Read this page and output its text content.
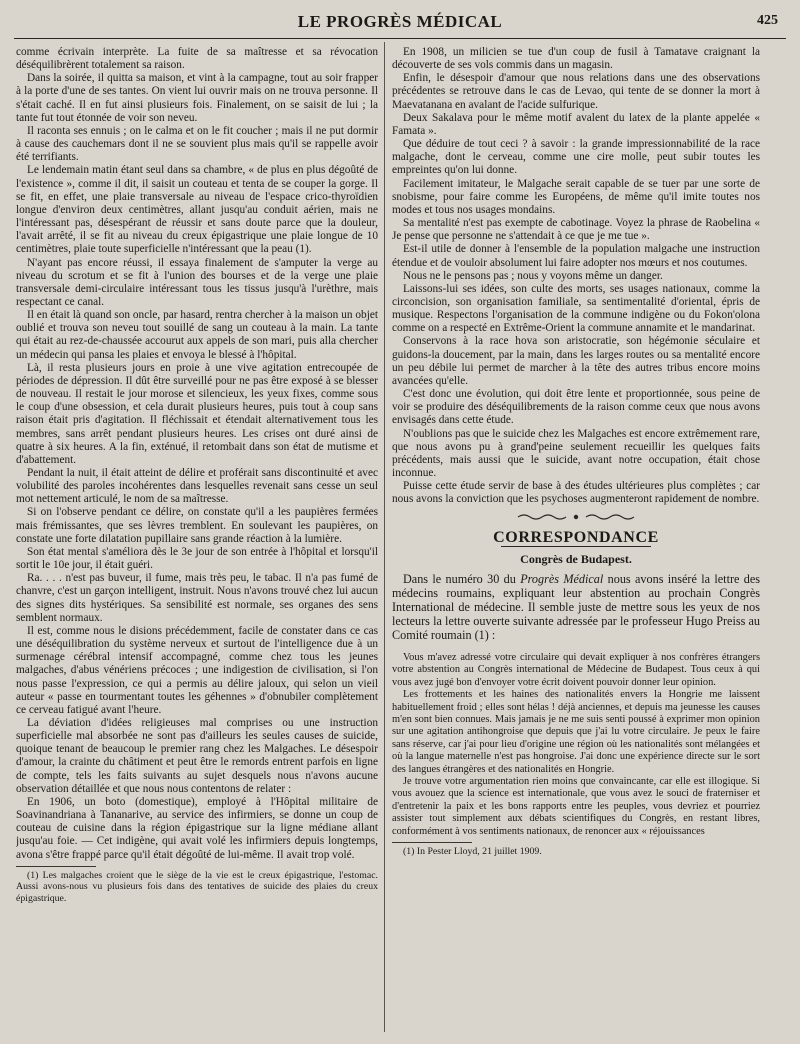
LE PROGRÈS MÉDICAL	425

comme écrivain interprète. La fuite de sa maîtresse et sa révocation déséquilibrèrent totalement sa raison.

Dans la soirée, il quitta sa maison, et vint à la campagne, tout au soir frapper à la porte d'une de ses tantes. On vient lui ouvrir mais on ne trouva personne. Il s'était caché. Il en fut ainsi plusieurs fois. Finalement, on se saisit de lui ; la tante fut tout étonnée de voir son neveu.

Il raconta ses ennuis ; on le calma et on le fit coucher ; mais il ne put dormir à cause des cauchemars dont il ne se souvient plus mais qu'il se rappelle avoir été terrifiants.

Le lendemain matin étant seul dans sa chambre, « de plus en plus dégoûté de l'existence », comme il dit, il saisit un couteau et tenta de se couper la gorge. Il se fit, en effet, une plaie transversale au niveau de l'espace crico-thyroïdien longue d'environ deux centimètres, allant jusqu'au conduit aérien, mais ne l'intéressant pas, désespérant de réussir et sans doute parce que la douleur, l'avait arrêté, il se fit au niveau du creux épigastrique une plaie longue de 10 centimètres, plaie toute superficielle n'intéressant que la peau (1).

N'ayant pas encore réussi, il essaya finalement de s'amputer la verge au niveau du scrotum et se fit à l'union des bourses et de la verge une plaie transversale demi-circulaire intéressant tous les tissus jusqu'à l'urèthre, mais respectant ce canal.

Il en était là quand son oncle, par hasard, rentra chercher à la maison un objet oublié et trouva son neveu tout souillé de sang un couteau à la main. La tante qui était au rez-de-chaussée accourut aux appels de son mari, puis alla chercher un médecin qui pansa les plaies et envoya le blessé à l'hôpital.

Là, il resta plusieurs jours en proie à une vive agitation entrecoupée de périodes de dépression. Il dût être surveillé pour ne pas être exposé à se blesser de nouveau. Il restait le jour morose et silencieux, les yeux fixes, comme sous le coup d'une obsession, et cela durait plusieurs heures, puis tout à coup sans raison était pris d'agitation. Il fléchissait et étendait alternativement tous les membres, sans arrêt pendant plusieurs heures. Les crises ont duré ainsi de quatre à six heures. A la fin, exténué, il retombait dans son état de mutisme et d'abattement.

Pendant la nuit, il était atteint de délire et proférait sans discontinuité et avec volubilité des paroles incohérentes dans lesquelles revenait sans cesse un seul mot nettement articulé, le nom de sa maîtresse.

Si on l'observe pendant ce délire, on constate qu'il a les paupières fermées mais frémissantes, que ses lèvres tremblent. En soulevant les paupières, on constate une forte dilatation pupillaire sans grande réaction à la lumière.

Son état mental s'améliora dès le 3e jour de son entrée à l'hôpital et lorsqu'il sortit le 10e jour, il était guéri.

Ra. . . . n'est pas buveur, il fume, mais très peu, le tabac. Il n'a pas fumé de chanvre, c'est un garçon intelligent, instruit. Nous n'avons trouvé chez lui aucun des signes dits hystériques. Sa sensibilité est normale, ses organes des sens semblent normaux.

Il est, comme nous le disions précédemment, facile de constater dans ce cas une déséquilibration du système nerveux et surtout de l'intelligence due à un surmenage cérébral intensif accompagné, comme chez tous les jeunes malgaches, d'abus vénériens précoces ; une indigestion de civilisation, si l'on nous passe l'expression, ce qui a permis au délire jaloux, qui selon un vieil auteur « passe en tourmentant toutes les géhennes » d'obnubiler complètement ce cerveau fatigué avant l'heure.

La déviation d'idées religieuses mal comprises ou une instruction superficielle mal absorbée ne sont pas d'ailleurs les seules causes de suicide, quoique tenant de beaucoup le premier rang chez les Malgaches. Le désespoir d'amour, la crainte du châtiment et peut être le remords entrent parfois en ligne de compte, tels les faits suivants au sujet desquels nous n'avons aucune observation détaillée et que nous nous contentons de relater :

En 1906, un boto (domestique), employé à l'Hôpital militaire de Soavinandriana à Tananarive, au service des infirmiers, se donne un coup de couteau de cuisine dans la région épigastrique sur la ligne médiane allant jusqu'au foie. — Cet indigène, qui avait volé les infirmiers depuis longtemps, avona s'être frappé parce qu'il était dégoûté de lui-même. Il avait trop volé.

(1) Les malgaches croient que le siège de la vie est le creux épigastrique, l'estomac. Aussi avons-nous vu plusieurs fois dans des tentatives de suicide des plaies du creux épigastrique.

En 1908, un milicien se tue d'un coup de fusil à Tamatave craignant la découverte de ses vols commis dans un magasin.

Enfin, le désespoir d'amour que nous relations dans une des observations précédentes se retrouve dans le cas de Levao, qui tente de se donner la mort à Maevatanana en avalant de l'acide sulfurique.

Deux Sakalava pour le même motif avalent du latex de la plante appelée « Famata ».

Que déduire de tout ceci ? à savoir : la grande impressionnabilité de la race malgache, dont le cerveau, comme une cire molle, peut subir toutes les empreintes qu'on lui donne.

Facilement imitateur, le Malgache serait capable de se tuer par une sorte de snobisme, pour faire comme les Européens, de même qu'il imite toutes nos modes et tous nos usages mondains.

Sa mentalité n'est pas exempte de cabotinage. Voyez la phrase de Raobelina « Je pense que personne ne s'attendait à ce que je me tue ».

Est-il utile de donner à l'ensemble de la population malgache une instruction étendue et de vouloir absolument lui faire adopter nos mœurs et nos coutumes.

Nous ne le pensons pas ; nous y voyons même un danger.

Laissons-lui ses idées, son culte des morts, ses usages nationaux, comme la circoncision, son organisation familiale, sa sentimentalité d'oriental, épris de musique. Respectons l'organisation de la commune indigène ou du Fokon'olona comme on a respecté en Extrême-Orient la commune annamite et le mandarinat.

Conservons à la race hova son aristocratie, son hégémonie séculaire et guidons-la doucement, par la main, dans les larges routes ou sa mentalité encore un peu débile lui permet de marcher à la tête des autres tribus encore moins avancées qu'elle.

C'est donc une évolution, qui doit être lente et proportionnée, sous peine de voir se produire des déséquilibrements de la raison comme ceux que nous avons envisagés dans cette étude.

N'oublions pas que le suicide chez les Malgaches est encore extrêmement rare, que nous avons pu à grand'peine seulement recueillir les quelques faits précédents, mais aussi que le suicide, avant notre occupation, était chose inconnue.

Puisse cette étude servir de base à des études ultérieures plus complètes ; car nous avons la conviction que les psychoses augmenteront rapidement de nombre.

CORRESPONDANCE
Congrès de Budapest.

Dans le numéro 30 du Progrès Médical nous avons inséré la lettre des médecins roumains, expliquant leur abstention au prochain Congrès International de médecine. Il semble juste de mettre sous les yeux de nos lecteurs la lettre ouverte suivante adressée par le professeur Hugo Preiss au Comité roumain (1) :

Vous m'avez adressé votre circulaire qui devait expliquer à nos confrères étrangers votre abstention au Congrès international de Médecine de Budapest. Tous ceux à qui vous avez jugé bon d'envoyer votre écrit doivent pouvoir donner leur opinion.

Les frottements et les haines des nationalités envers la Hongrie me laissent habituellement froid ; elles sont hélas ! déjà anciennes, et depuis ma jeunesse les causes m'en sont bien connues. Mais jamais je ne me suis senti poussé à exprimer mon opinion sur une agitation antihongroise que depuis que j'ai lu votre circulaire. Je peux le faire sans réserve, car j'ai pour lieu d'origine une région où les nationalités sont mélangées et où la langue maternelle n'est pas hongroise. J'ai donc une expérience directe sur le sort des langues étrangères et des nationalités en Hongrie.

Je trouve votre argumentation rien moins que convaincante, car elle est illogique. Si vous avouez que la science est internationale, que vous avez le souci de fraterniser et d'entretenir la paix et les bons rapports entre les peuples, vous devriez et pourriez assister tout simplement aux débats scientifiques du Congrès, en restant libres, conformément à vos sentiments nationaux, de renoncer aux « réjouissances

(1) In Pester Lloyd, 21 juillet 1909.
